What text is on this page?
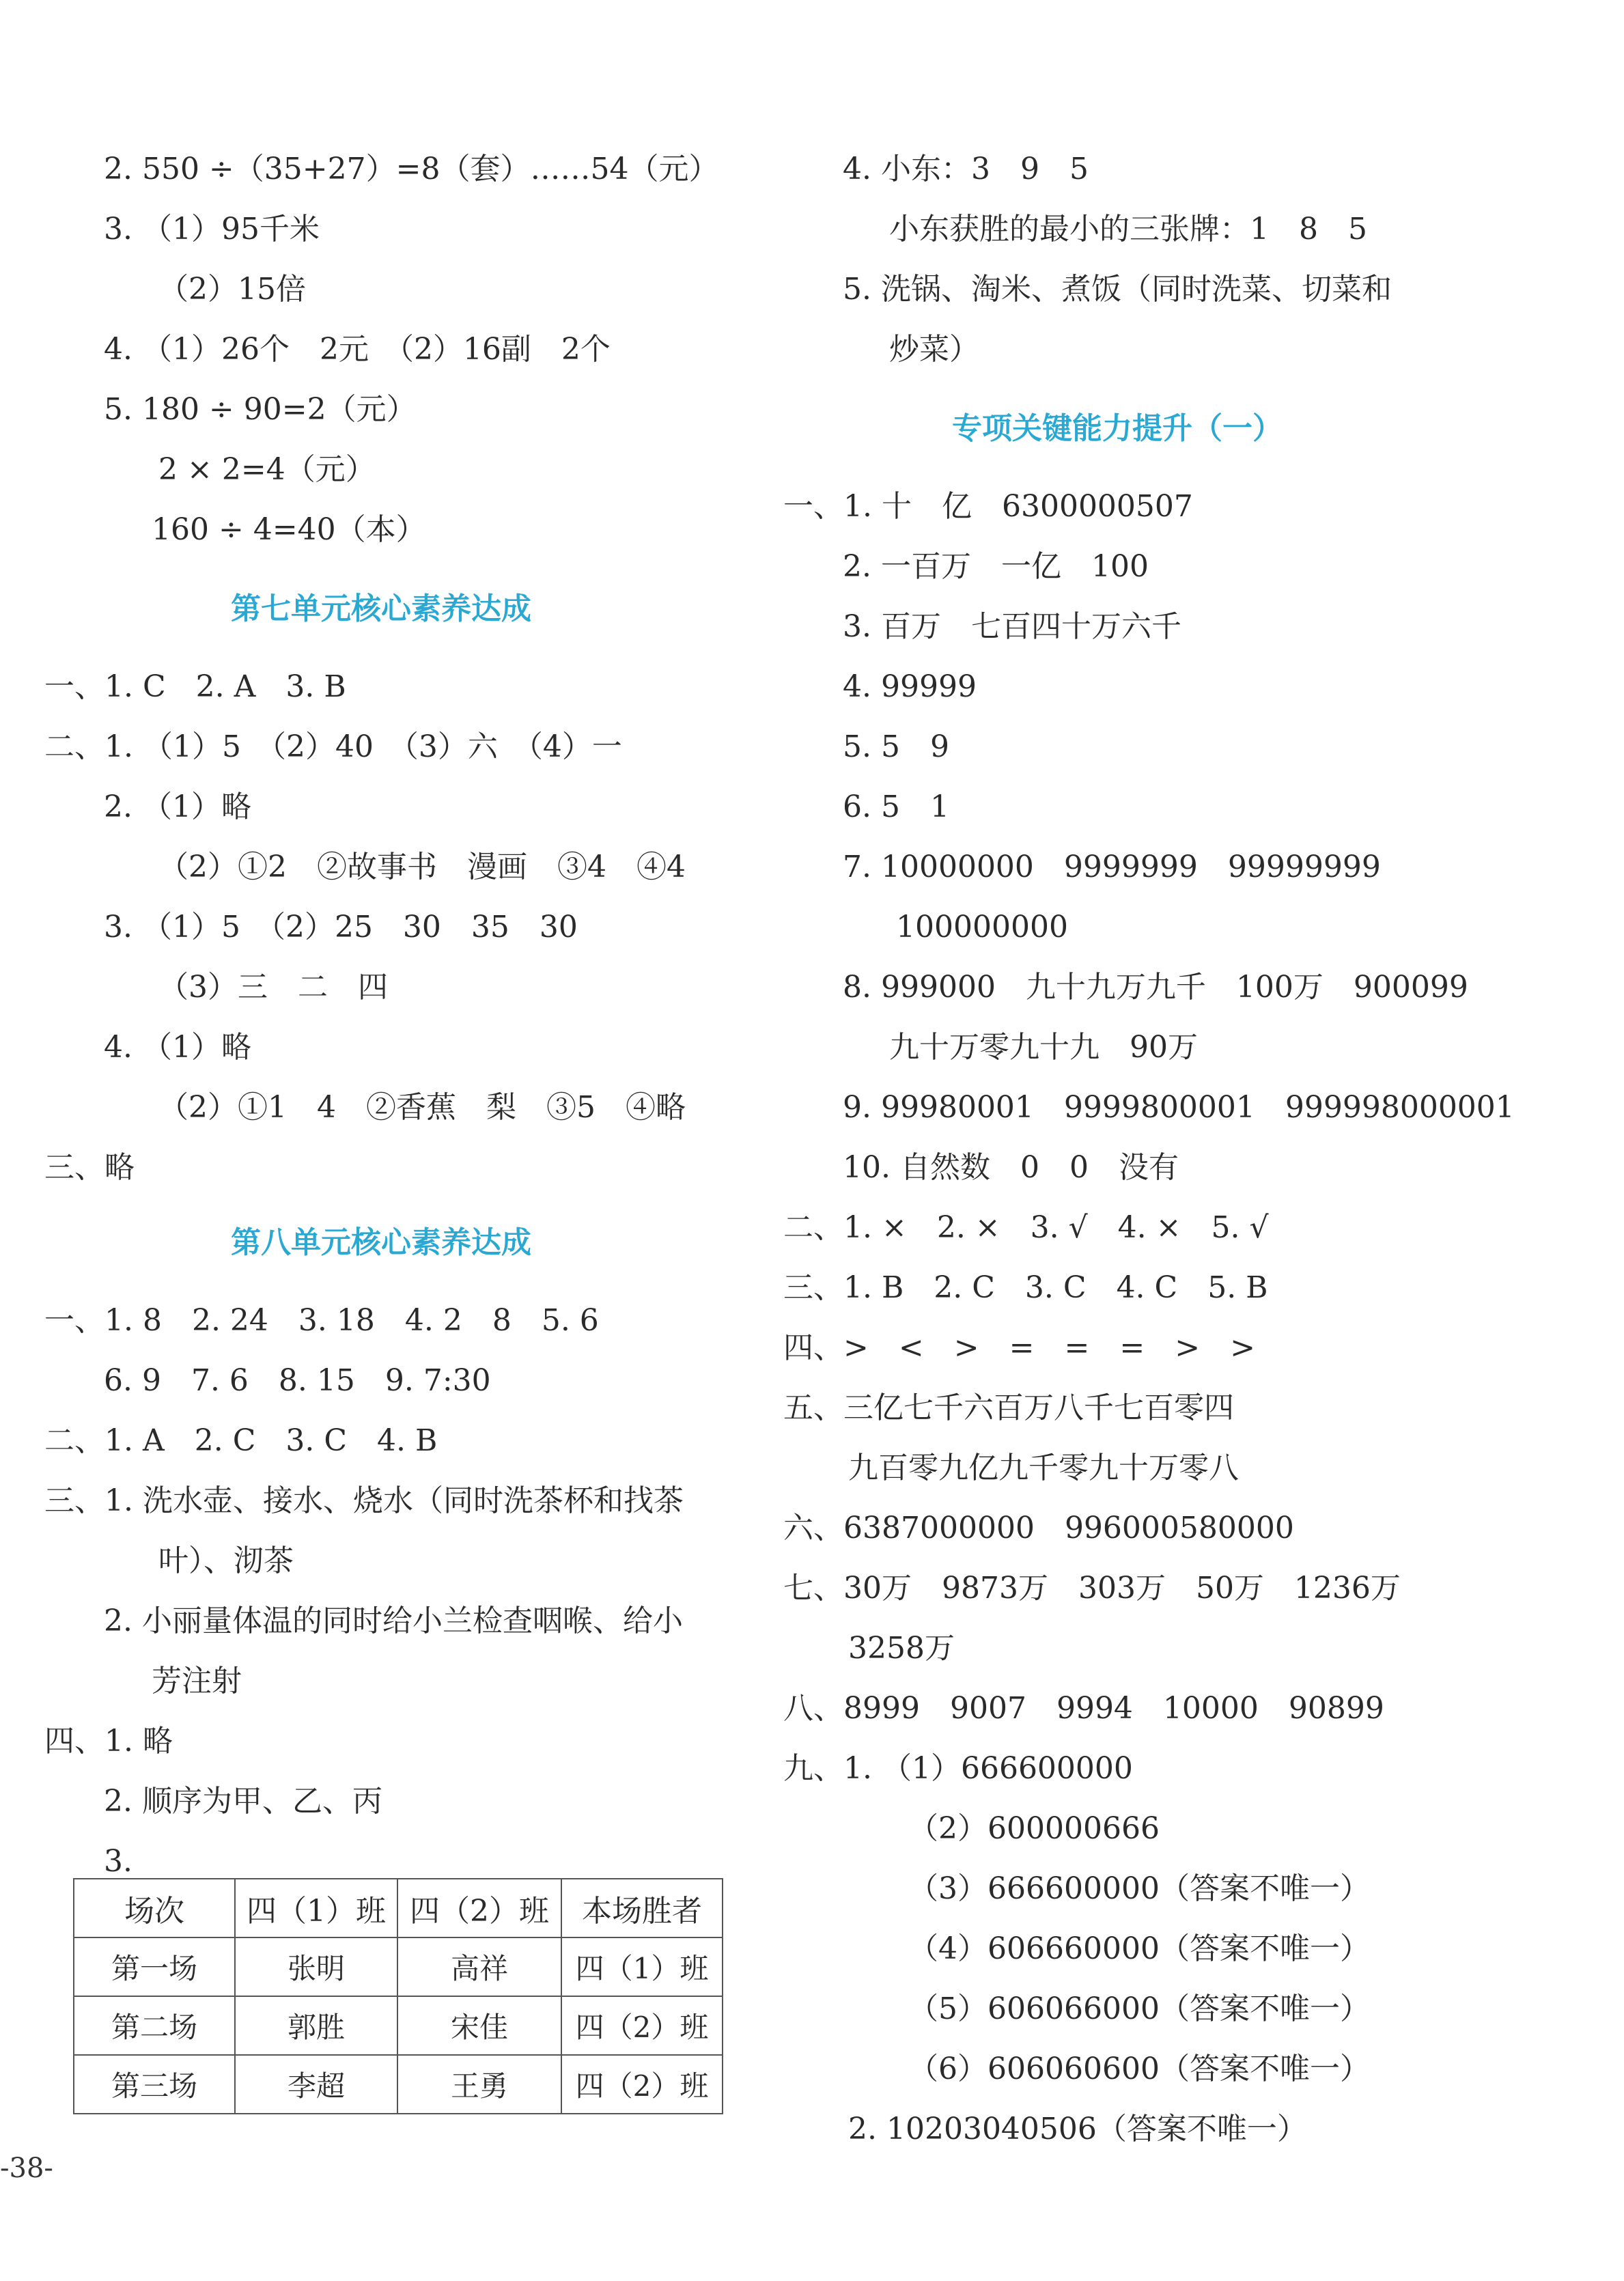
2. 550 ÷（35+27）=8（套）……54（元）
3. （1）95千米
（2）15倍
4. （1）26个　2元　（2）16副　2个
5. 180 ÷ 90=2（元）
2 × 2=4（元）
160 ÷ 4=40（本）
第七单元核心素养达成
一、1. C　2. A　3. B
二、1. （1）5　（2）40　（3）六　（4）一
2. （1）略
（2）①2　②故事书　漫画　③4　④4
3. （1）5　（2）25　30　35　30
（3）三　二　四
4. （1）略
（2）①1　4　②香蕉　梨　③5　④略
三、略
第八单元核心素养达成
一、1. 8　2. 24　3. 18　4. 2　8　5. 6
6. 9　7. 6　8. 15　9. 7:30
二、1. A　2. C　3. C　4. B
三、1. 洗水壶、接水、烧水（同时洗茶杯和找茶
叶）、沏茶
2. 小丽量体温的同时给小兰检查咽喉、给小
芳注射
四、1. 略
2. 顺序为甲、乙、丙
3.
场次	四（1）班	四（2）班	本场胜者
第一场	张明	高祥	四（1）班
第二场	郭胜	宋佳	四（2）班
第三场	李超	王勇	四（2）班
-38-
4. 小东：3　9　5
小东获胜的最小的三张牌：1　8　5
5. 洗锅、淘米、煮饭（同时洗菜、切菜和
炒菜）
专项关键能力提升（一）
一、1. 十　亿　6300000507
2. 一百万　一亿　100
3. 百万　七百四十万六千
4. 99999
5. 5　9
6. 5　1
7. 10000000　9999999　99999999
100000000
8. 999000　九十九万九千　100万　900099
九十万零九十九　90万
9. 99980001　9999800001　999998000001
10. 自然数　0　0　没有
二、1. ×　2. ×　3. √　4. ×　5. √
三、1. B　2. C　3. C　4. C　5. B
四、>　<　>　=　=　=　>　>
五、三亿七千六百万八千七百零四
九百零九亿九千零九十万零八
六、6387000000　996000580000
七、30万　9873万　303万　50万　1236万
3258万
八、8999　9007　9994　10000　90899
九、1. （1）666600000
（2）600000666
（3）666600000（答案不唯一）
（4）606660000（答案不唯一）
（5）606066000（答案不唯一）
（6）606060600（答案不唯一）
2. 10203040506（答案不唯一）
